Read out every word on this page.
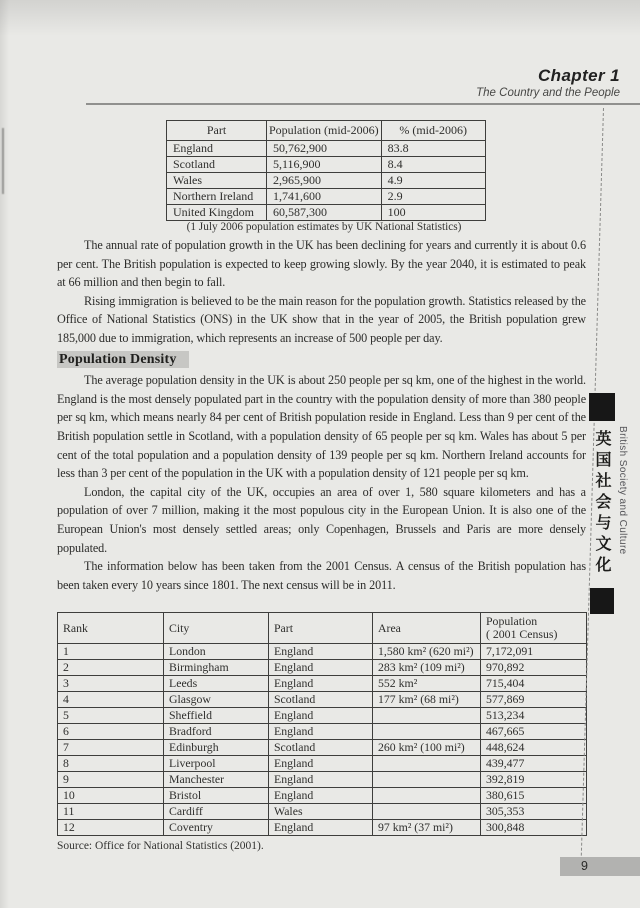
Chapter 1
The Country and the People
Part	Population (mid-2006)	% (mid-2006)
England	50,762,900	83.8
Scotland	5,116,900	8.4
Wales	2,965,900	4.9
Northern Ireland	1,741,600	2.9
United Kingdom	60,587,300	100
(1 July 2006 population estimates by UK National Statistics)

The annual rate of population growth in the UK has been declining for years and currently it is about 0.6 per cent. The British population is expected to keep growing slowly. By the year 2040, it is estimated to peak at 66 million and then begin to fall.

Rising immigration is believed to be the main reason for the population growth. Statistics released by the Office of National Statistics (ONS) in the UK show that in the year of 2005, the British population grew 185,000 due to immigration, which represents an increase of 500 people per day.

Population Density

The average population density in the UK is about 250 people per sq km, one of the highest in the world. England is the most densely populated part in the country with the population density of more than 380 people per sq km, which means nearly 84 per cent of British population reside in England. Less than 9 per cent of the British population settle in Scotland, with a population density of 65 people per sq km. Wales has about 5 per cent of the total population and a population density of 139 people per sq km. Northern Ireland accounts for less than 3 per cent of the population in the UK with a population density of 121 people per sq km.

London, the capital city of the UK, occupies an area of over 1, 580 square kilometers and has a population of over 7 million, making it the most populous city in the European Union. It is also one of the European Union's most densely settled areas; only Copenhagen, Brussels and Paris are more densely populated.

The information below has been taken from the 2001 Census. A census of the British population has been taken every 10 years since 1801. The next census will be in 2011.

Rank	City	Part	Area	Population
( 2001 Census)

1	London	England	1,580 km² (620 mi²)	7,172,091
2	Birmingham	England	283 km² (109 mi²)	970,892
3	Leeds	England	552 km²	715,404
4	Glasgow	Scotland	177 km² (68 mi²)	577,869
5	Sheffield	England		513,234
6	Bradford	England		467,665
7	Edinburgh	Scotland	260 km² (100 mi²)	448,624
8	Liverpool	England		439,477
9	Manchester	England		392,819
10	Bristol	England		380,615
11	Cardiff	Wales		305,353
12	Coventry	England	97 km² (37 mi²)	300,848
Source: Office for National Statistics (2001).
英国社会与文化 British Society and Culture
9
